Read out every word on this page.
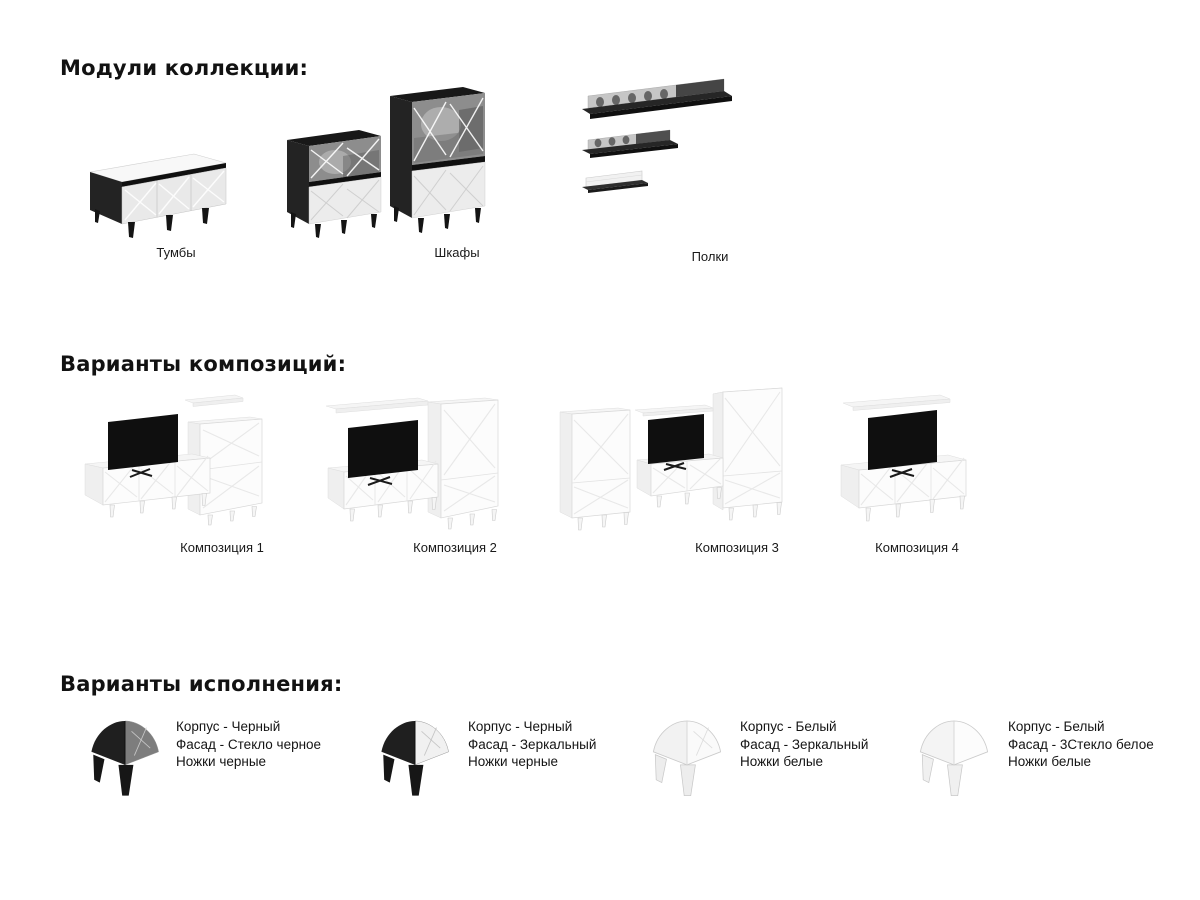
Модули коллекции:
Тумбы	Шкафы	Полки
Варианты композиций:
Композиция 1	Композиция 2	Композиция 3	Композиция 4
Варианты исполнения:
Корпус - Черный
Фасад - Стекло черное
Ножки черные
Корпус - Черный
Фасад - Зеркальный
Ножки черные
Корпус - Белый
Фасад - Зеркальный
Ножки белые
Корпус - Белый
Фасад - 3Стекло белое
Ножки белые
